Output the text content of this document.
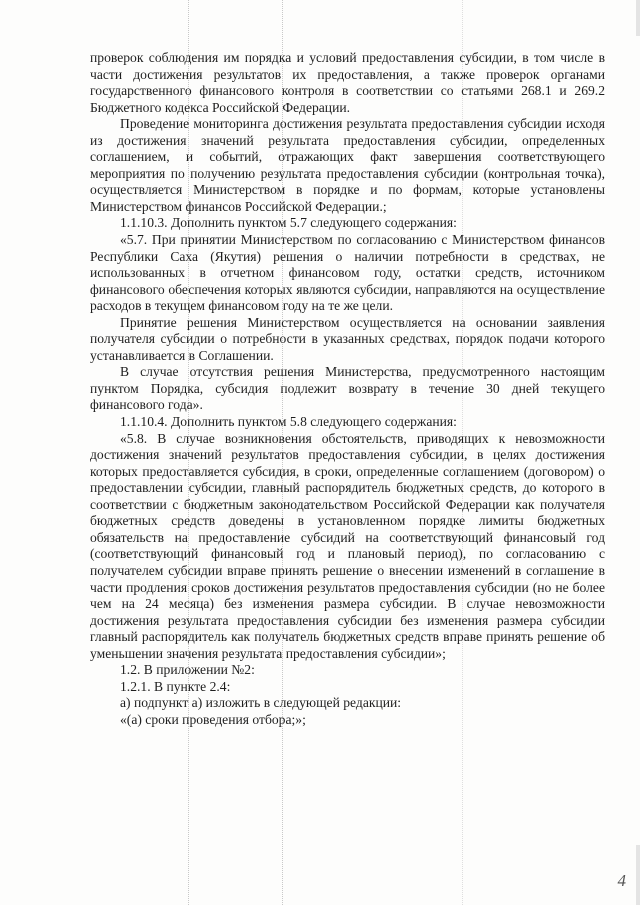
проверок соблюдения им порядка и условий предоставления субсидии, в том числе в части достижения результатов их предоставления, а также проверок органами государственного финансового контроля в соответствии со статьями 268.1 и 269.2 Бюджетного кодекса Российской Федерации.

Проведение мониторинга достижения результата предоставления субсидии исходя из достижения значений результата предоставления субсидии, определенных соглашением, и событий, отражающих факт завершения соответствующего мероприятия по получению результата предоставления субсидии (контрольная точка), осуществляется Министерством в порядке и по формам, которые установлены Министерством финансов Российской Федерации.;

1.1.10.3. Дополнить пунктом 5.7 следующего содержания:

«5.7. При принятии Министерством по согласованию с Министерством финансов Республики Саха (Якутия) решения о наличии потребности в средствах, не использованных в отчетном финансовом году, остатки средств, источником финансового обеспечения которых являются субсидии, направляются на осуществление расходов в текущем финансовом году на те же цели.

Принятие решения Министерством осуществляется на основании заявления получателя субсидии о потребности в указанных средствах, порядок подачи которого устанавливается в Соглашении.

В случае отсутствия решения Министерства, предусмотренного настоящим пунктом Порядка, субсидия подлежит возврату в течение 30 дней текущего финансового года».

1.1.10.4. Дополнить пунктом 5.8 следующего содержания:

«5.8. В случае возникновения обстоятельств, приводящих к невозможности достижения значений результатов предоставления субсидии, в целях достижения которых предоставляется субсидия, в сроки, определенные соглашением (договором) о предоставлении субсидии, главный распорядитель бюджетных средств, до которого в соответствии с бюджетным законодательством Российской Федерации как получателя бюджетных средств доведены в установленном порядке лимиты бюджетных обязательств на предоставление субсидий на соответствующий финансовый год (соответствующий финансовый год и плановый период), по согласованию с получателем субсидии вправе принять решение о внесении изменений в соглашение в части продления сроков достижения результатов предоставления субсидии (но не более чем на 24 месяца) без изменения размера субсидии. В случае невозможности достижения результата предоставления субсидии без изменения размера субсидии главный распорядитель как получатель бюджетных средств вправе принять решение об уменьшении значения результата предоставления субсидии»;

1.2. В приложении №2:

1.2.1. В пункте 2.4:

а) подпункт а) изложить в следующей редакции:

«(а) сроки проведения отбора;»;

4
